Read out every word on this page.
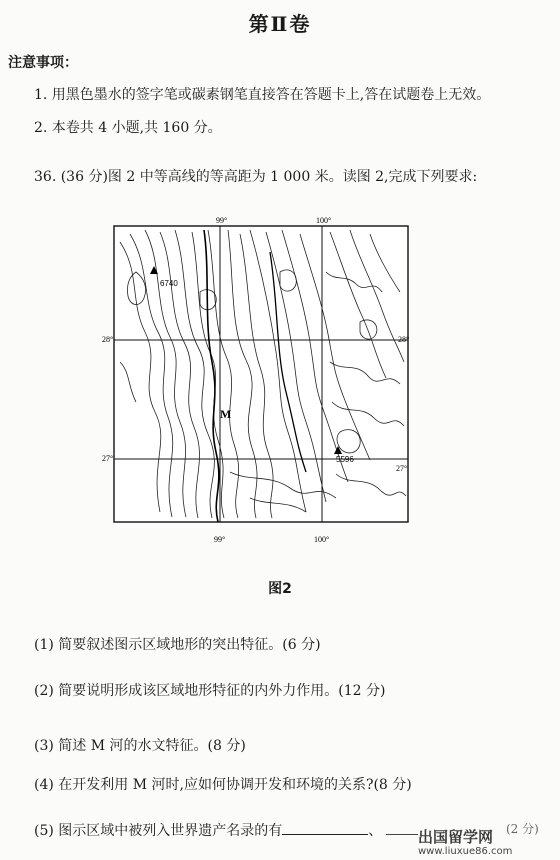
第Ⅱ卷
注意事项：
1. 用黑色墨水的签字笔或碳素钢笔直接答在答题卡上,答在试题卷上无效。
2. 本卷共 4 小题,共 160 分。
36. (36 分)图 2 中等高线的等高距为 1 000 米。读图 2,完成下列要求:
99°	100°
99°	100°
28°
27°
28°
27°
6740
5596
M
图2
(1) 简要叙述图示区域地形的突出特征。(6 分)
(2) 简要说明形成该区域地形特征的内外力作用。(12 分)
(3) 简述 M 河的水文特征。(8 分)
(4) 在开发利用 M 河时,应如何协调开发和环境的关系?(8 分)
(5) 图示区域中被列入世界遗产名录的有	、	(2 分)
出国留学网
www.liuxue86.com
